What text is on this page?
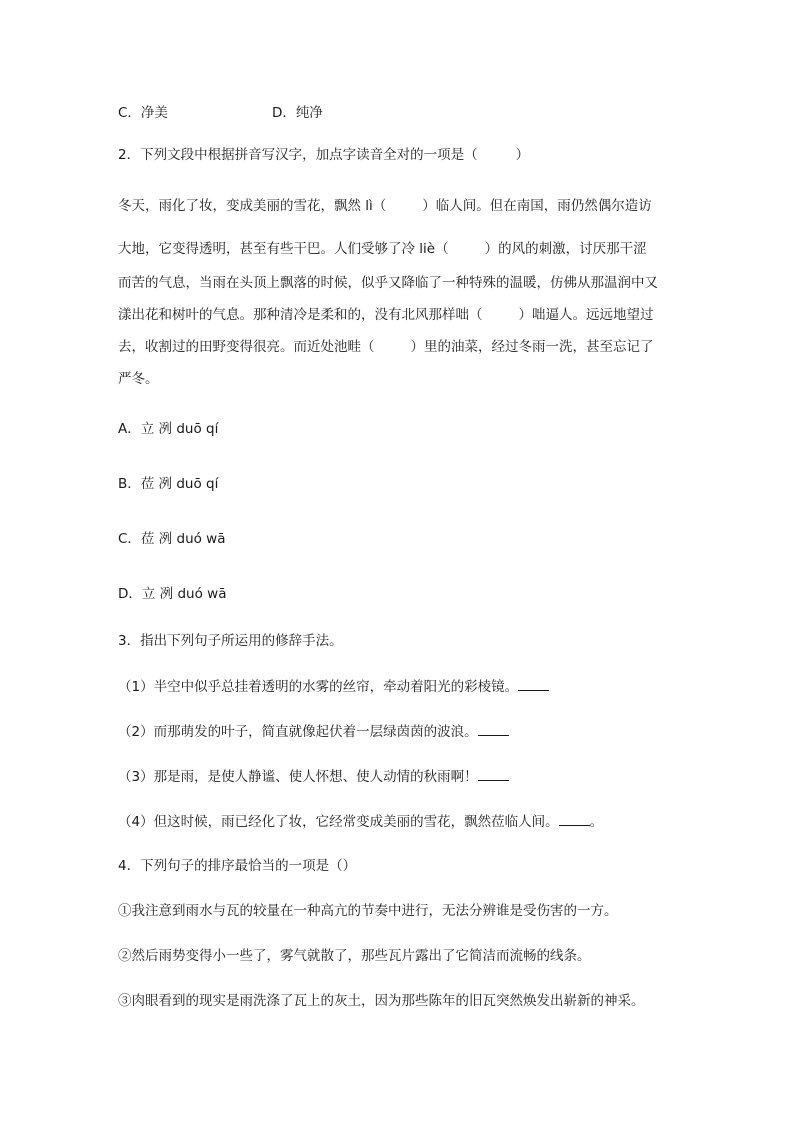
C．净美	D．纯净
2．下列文段中根据拼音写汉字，加点字读音全对的一项是（	）
冬天，雨化了妆，变成美丽的雪花，飘然 lì（	）临人间。但在南国，雨仍然偶尔造访
大地，它变得透明，甚至有些干巴。人们受够了冷 liè（	）的风的刺激，讨厌那干涩
而苦的气息，当雨在头顶上飘落的时候，似乎又降临了一种特殊的温暖，仿佛从那温润中又
漾出花和树叶的气息。那种清冷是柔和的，没有北风那样咄（	）咄逼人。远远地望过
去，收割过的田野变得很亮。而近处池畦（	）里的油菜，经过冬雨一洗，甚至忘记了
严冬。
A．立 冽 duō qí
B．莅 冽 duō qí
C．莅 冽 duó wā
D．立 冽 duó wā
3．指出下列句子所运用的修辞手法。
（1）半空中似乎总挂着透明的水雾的丝帘，牵动着阳光的彩棱镜。
（2）而那萌发的叶子，简直就像起伏着一层绿茵茵的波浪。
（3）那是雨，是使人静谧、使人怀想、使人动情的秋雨啊！
（4）但这时候，雨已经化了妆，它经常变成美丽的雪花，飘然莅临人间。 。
4．下列句子的排序最恰当的一项是（）
①我注意到雨水与瓦的较量在一种高亢的节奏中进行，无法分辨谁是受伤害的一方。
②然后雨势变得小一些了，雾气就散了，那些瓦片露出了它简洁而流畅的线条。
③肉眼看到的现实是雨洗涤了瓦上的灰土，因为那些陈年的旧瓦突然焕发出崭新的神采。
